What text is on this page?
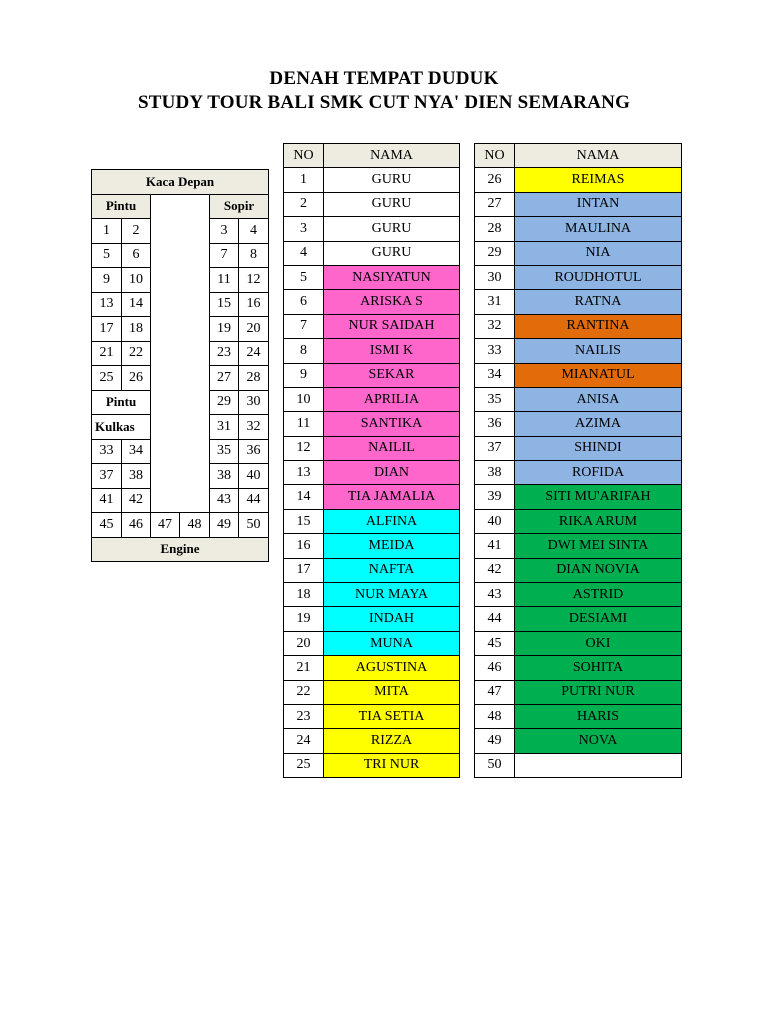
DENAH TEMPAT DUDUK
STUDY TOUR BALI SMK CUT NYA' DIEN SEMARANG
Kaca Depan					
Pintu				Sopir	
1	2			3	4
5	6			7	8
9	10			11	12
13	14			15	16
17	18			19	20
21	22			23	24
25	26			27	28
Pintu				29	30
Kulkas				31	32
33	34			35	36
37	38			38	40
41	42			43	44
45	46	47	48	49	50
Engine					
NO	NAMA
1	GURU
2	GURU
3	GURU
4	GURU
5	NASIYATUN
6	ARISKA S
7	NUR SAIDAH
8	ISMI K
9	SEKAR
10	APRILIA
11	SANTIKA
12	NAILIL
13	DIAN
14	TIA JAMALIA
15	ALFINA
16	MEIDA
17	NAFTA
18	NUR MAYA
19	INDAH
20	MUNA
21	AGUSTINA
22	MITA
23	TIA SETIA
24	RIZZA
25	TRI NUR
NO	NAMA
26	REIMAS
27	INTAN
28	MAULINA
29	NIA
30	ROUDHOTUL
31	RATNA
32	RANTINA
33	NAILIS
34	MIANATUL
35	ANISA
36	AZIMA
37	SHINDI
38	ROFIDA
39	SITI MU'ARIFAH
40	RIKA ARUM
41	DWI MEI SINTA
42	DIAN NOVIA
43	ASTRID
44	DESIAMI
45	OKI
46	SOHITA
47	PUTRI NUR
48	HARIS
49	NOVA
50	
